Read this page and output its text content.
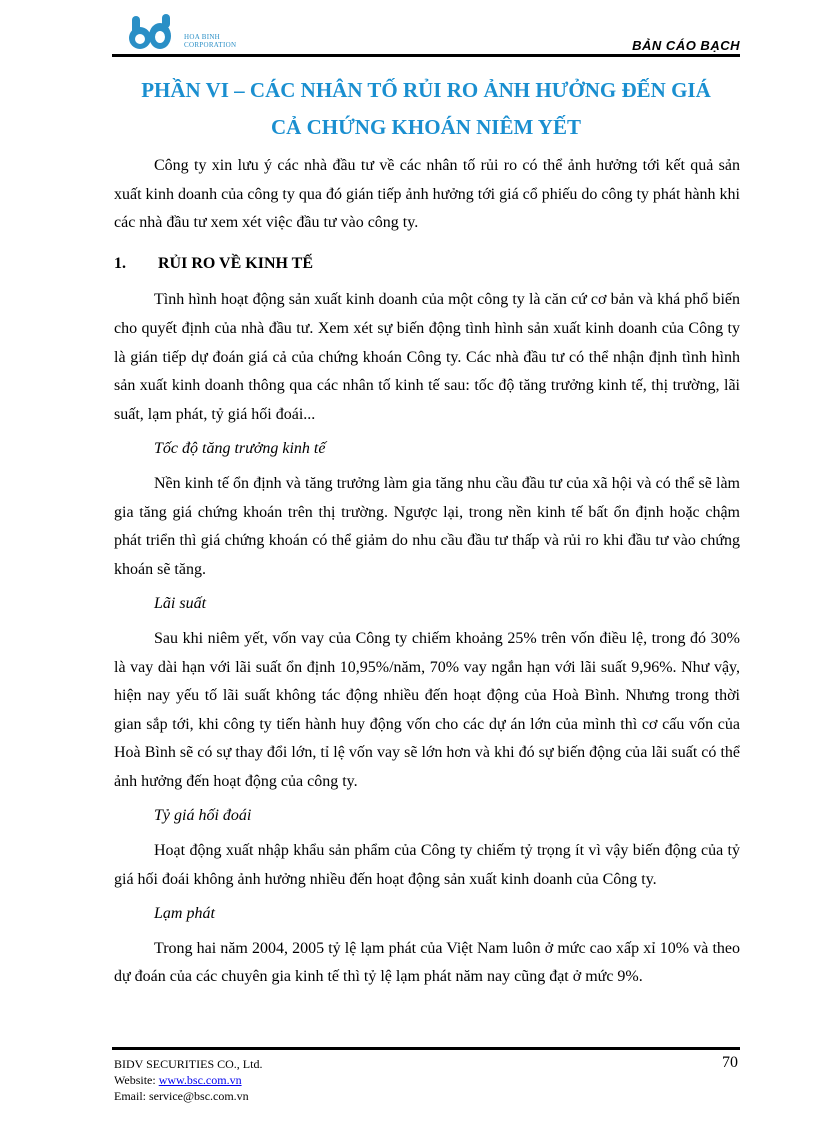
HOA BINH
CORPORATION	BẢN CÁO BẠCH
PHẦN VI – CÁC NHÂN TỐ RỦI RO ẢNH HƯỞNG ĐẾN GIÁ
CẢ CHỨNG KHOÁN NIÊM YẾT

Công ty xin lưu ý các nhà đầu tư về các nhân tố rủi ro có thể ảnh hưởng tới kết quả sản xuất kinh doanh của công ty qua đó gián tiếp ảnh hưởng tới giá cổ phiếu do công ty phát hành khi các nhà đầu tư xem xét việc đầu tư vào công ty.

1.	RỦI RO VỀ KINH TẾ

Tình hình hoạt động sản xuất kinh doanh của một công ty là căn cứ cơ bản và khá phổ biến cho quyết định của nhà đầu tư. Xem xét sự biến động tình hình sản xuất kinh doanh của Công ty là gián tiếp dự đoán giá cả của chứng khoán Công ty. Các nhà đầu tư có thể nhận định tình hình sản xuất kinh doanh thông qua các nhân tố kinh tế sau: tốc độ tăng trưởng kinh tế, thị trường, lãi suất, lạm phát, tỷ giá hối đoái...

Tốc độ tăng trưởng kinh tế

Nền kinh tế ổn định và tăng trưởng làm gia tăng nhu cầu đầu tư của xã hội và có thể sẽ làm gia tăng giá chứng khoán trên thị trường. Ngược lại, trong nền kinh tế bất ổn định hoặc chậm phát triển thì giá chứng khoán có thể giảm do nhu cầu đầu tư thấp và rủi ro khi đầu tư vào chứng khoán sẽ tăng.

Lãi suất

Sau khi niêm yết, vốn vay của Công ty chiếm khoảng 25% trên vốn điều lệ, trong đó 30% là vay dài hạn với lãi suất ổn định 10,95%/năm, 70% vay ngắn hạn với lãi suất 9,96%. Như vậy, hiện nay yếu tố lãi suất không tác động nhiều đến hoạt động của Hoà Bình. Nhưng trong thời gian sắp tới, khi công ty tiến hành huy động vốn cho các dự án lớn của mình thì cơ cấu vốn của Hoà Bình sẽ có sự thay đổi lớn, tỉ lệ vốn vay sẽ lớn hơn và khi đó sự biến động của lãi suất có thể ảnh hưởng đến hoạt động của công ty.

Tỷ giá hối đoái

Hoạt động xuất nhập khẩu sản phẩm của Công ty chiếm tỷ trọng ít vì vậy biến động của tỷ giá hối đoái không ảnh hưởng nhiều đến hoạt động sản xuất kinh doanh của Công ty.

Lạm phát

Trong hai năm 2004, 2005 tỷ lệ lạm phát của Việt Nam luôn ở mức cao xấp xỉ 10% và theo dự đoán của các chuyên gia kinh tế thì tỷ lệ lạm phát năm nay cũng đạt ở mức 9%.

BIDV SECURITIES CO., Ltd.
Website: www.bsc.com.vn
Email: service@bsc.com.vn
70
